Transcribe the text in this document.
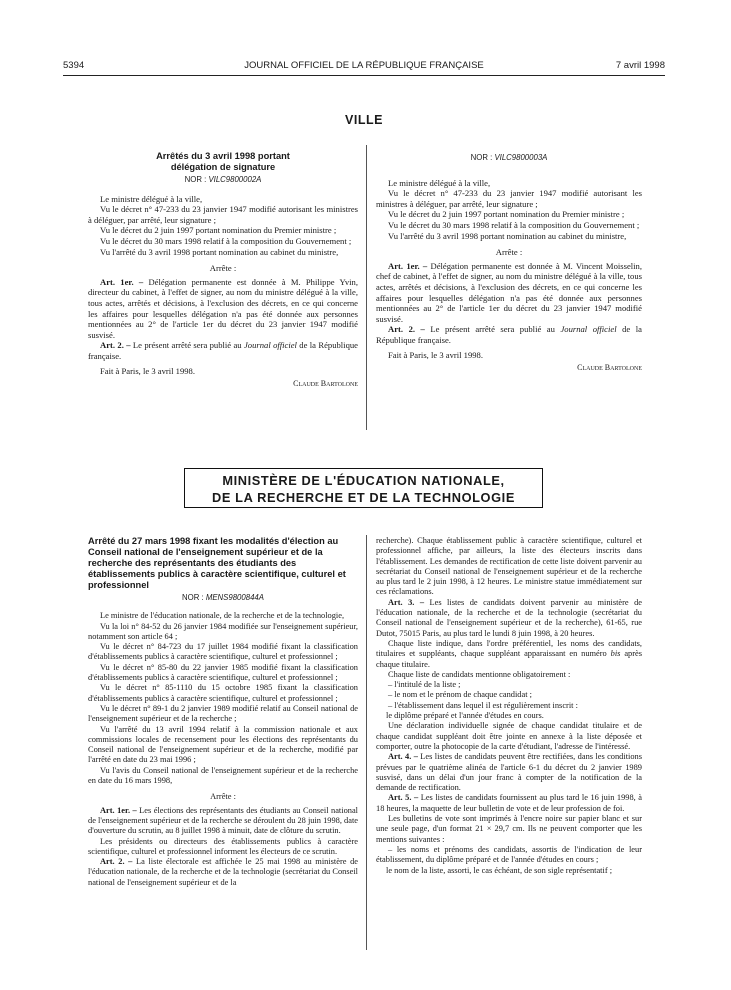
5394	JOURNAL OFFICIEL DE LA RÉPUBLIQUE FRANÇAISE	7 avril 1998
VILLE

Arrêtés du 3 avril 1998 portant délégation de signature

NOR : VILC9800002A

Le ministre délégué à la ville,

Vu le décret n° 47-233 du 23 janvier 1947 modifié autorisant les ministres à déléguer, par arrêté, leur signature ;

Vu le décret du 2 juin 1997 portant nomination du Premier ministre ;

Vu le décret du 30 mars 1998 relatif à la composition du Gouvernement ;

Vu l'arrêté du 3 avril 1998 portant nomination au cabinet du ministre,

Arrête :

Art. 1er. – Délégation permanente est donnée à M. Philippe Yvin, directeur du cabinet, à l'effet de signer, au nom du ministre délégué à la ville, tous actes, arrêtés et décisions, à l'exclusion des décrets, en ce qui concerne les affaires pour lesquelles délégation n'a pas été donnée aux personnes mentionnées au 2° de l'article 1er du décret du 23 janvier 1947 modifié susvisé.

Art. 2. – Le présent arrêté sera publié au Journal officiel de la République française.

Fait à Paris, le 3 avril 1998.

Claude Bartolone

NOR : VILC9800003A

Le ministre délégué à la ville,

Vu le décret n° 47-233 du 23 janvier 1947 modifié autorisant les ministres à déléguer, par arrêté, leur signature ;

Vu le décret du 2 juin 1997 portant nomination du Premier ministre ;

Vu le décret du 30 mars 1998 relatif à la composition du Gouvernement ;

Vu l'arrêté du 3 avril 1998 portant nomination au cabinet du ministre,

Arrête :

Art. 1er. – Délégation permanente est donnée à M. Vincent Moisselin, chef de cabinet, à l'effet de signer, au nom du ministre délégué à la ville, tous actes, arrêtés et décisions, à l'exclusion des décrets, en ce qui concerne les affaires pour lesquelles délégation n'a pas été donnée aux personnes mentionnées au 2° de l'article 1er du décret du 23 janvier 1947 modifié susvisé.

Art. 2. – Le présent arrêté sera publié au Journal officiel de la République française.

Fait à Paris, le 3 avril 1998.

Claude Bartolone

MINISTÈRE DE L'ÉDUCATION NATIONALE,
DE LA RECHERCHE ET DE LA TECHNOLOGIE

Arrêté du 27 mars 1998 fixant les modalités d'élection au Conseil national de l'enseignement supérieur et de la recherche des représentants des étudiants des établissements publics à caractère scientifique, culturel et professionnel

NOR : MENS9800844A

Le ministre de l'éducation nationale, de la recherche et de la technologie,

Vu la loi n° 84-52 du 26 janvier 1984 modifiée sur l'enseignement supérieur, notamment son article 64 ;

Vu le décret n° 84-723 du 17 juillet 1984 modifié fixant la classification d'établissements publics à caractère scientifique, culturel et professionnel ;

Vu le décret n° 85-80 du 22 janvier 1985 modifié fixant la classification d'établissements publics à caractère scientifique, culturel et professionnel ;

Vu le décret n° 85-1110 du 15 octobre 1985 fixant la classification d'établissements publics à caractère scientifique, culturel et professionnel ;

Vu le décret n° 89-1 du 2 janvier 1989 modifié relatif au Conseil national de l'enseignement supérieur et de la recherche ;

Vu l'arrêté du 13 avril 1994 relatif à la commission nationale et aux commissions locales de recensement pour les élections des représentants du Conseil national de l'enseignement supérieur et de la recherche, modifié par l'arrêté en date du 23 mai 1996 ;

Vu l'avis du Conseil national de l'enseignement supérieur et de la recherche en date du 16 mars 1998,

Arrête :

Art. 1er. – Les élections des représentants des étudiants au Conseil national de l'enseignement supérieur et de la recherche se déroulent du 28 juin 1998, date d'ouverture du scrutin, au 8 juillet 1998 à minuit, date de clôture du scrutin.

Les présidents ou directeurs des établissements publics à caractère scientifique, culturel et professionnel informent les électeurs de ce scrutin.

Art. 2. – La liste électorale est affichée le 25 mai 1998 au ministère de l'éducation nationale, de la recherche et de la technologie (secrétariat du Conseil national de l'enseignement supérieur et de la

recherche). Chaque établissement public à caractère scientifique, culturel et professionnel affiche, par ailleurs, la liste des électeurs inscrits dans l'établissement. Les demandes de rectification de cette liste doivent parvenir au secrétariat du Conseil national de l'enseignement supérieur et de la recherche au plus tard le 2 juin 1998, à 12 heures. Le ministre statue immédiatement sur ces réclamations.

Art. 3. – Les listes de candidats doivent parvenir au ministère de l'éducation nationale, de la recherche et de la technologie (secrétariat du Conseil national de l'enseignement supérieur et de la recherche), 61-65, rue Dutot, 75015 Paris, au plus tard le lundi 8 juin 1998, à 20 heures.

Chaque liste indique, dans l'ordre préférentiel, les noms des candidats, titulaires et suppléants, chaque suppléant apparaissant en numéro bis après chaque titulaire.

Chaque liste de candidats mentionne obligatoirement :

– l'intitulé de la liste ;

– le nom et le prénom de chaque candidat ;

– l'établissement dans lequel il est régulièrement inscrit :

le diplôme préparé et l'année d'études en cours.

Une déclaration individuelle signée de chaque candidat titulaire et de chaque candidat suppléant doit être jointe en annexe à la liste déposée et comporter, outre la photocopie de la carte d'étudiant, l'adresse de l'intéressé.

Art. 4. – Les listes de candidats peuvent être rectifiées, dans les conditions prévues par le quatrième alinéa de l'article 6-1 du décret du 2 janvier 1989 susvisé, dans un délai d'un jour franc à compter de la notification de la demande de rectification.

Art. 5. – Les listes de candidats fournissent au plus tard le 16 juin 1998, à 18 heures, la maquette de leur bulletin de vote et de leur profession de foi.

Les bulletins de vote sont imprimés à l'encre noire sur papier blanc et sur une seule page, d'un format 21 × 29,7 cm. Ils ne peuvent comporter que les mentions suivantes :

– les noms et prénoms des candidats, assortis de l'indication de leur établissement, du diplôme préparé et de l'année d'études en cours ;

le nom de la liste, assorti, le cas échéant, de son sigle représentatif ;
